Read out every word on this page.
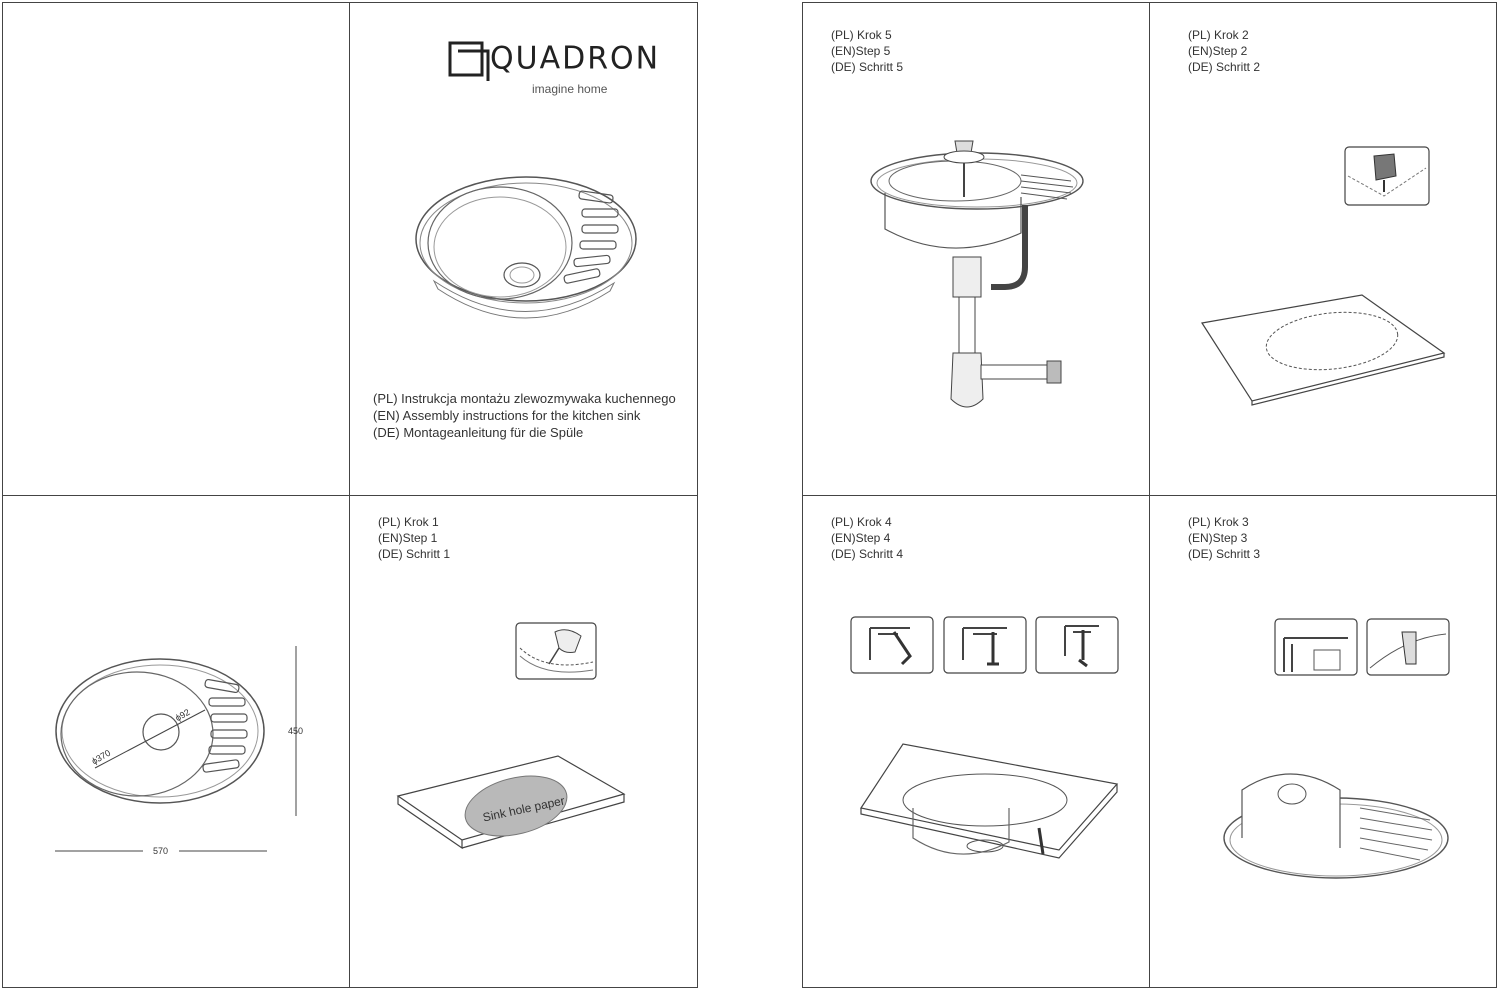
QUADRON
imagine home
(PL) Instrukcja montażu zlewozmywaka kuchennego
(EN) Assembly instructions for the kitchen sink
(DE) Montageanleitung für die Spüle
ϕ92
ϕ370
450
570
(PL) Krok 1
(EN)Step 1
(DE) Schritt 1
Sink hole paper
(PL) Krok 5
(EN)Step 5
(DE) Schritt 5
(PL) Krok 2
(EN)Step 2
(DE) Schritt 2
(PL) Krok 4
(EN)Step 4
(DE) Schritt 4
(PL) Krok 3
(EN)Step 3
(DE) Schritt 3
